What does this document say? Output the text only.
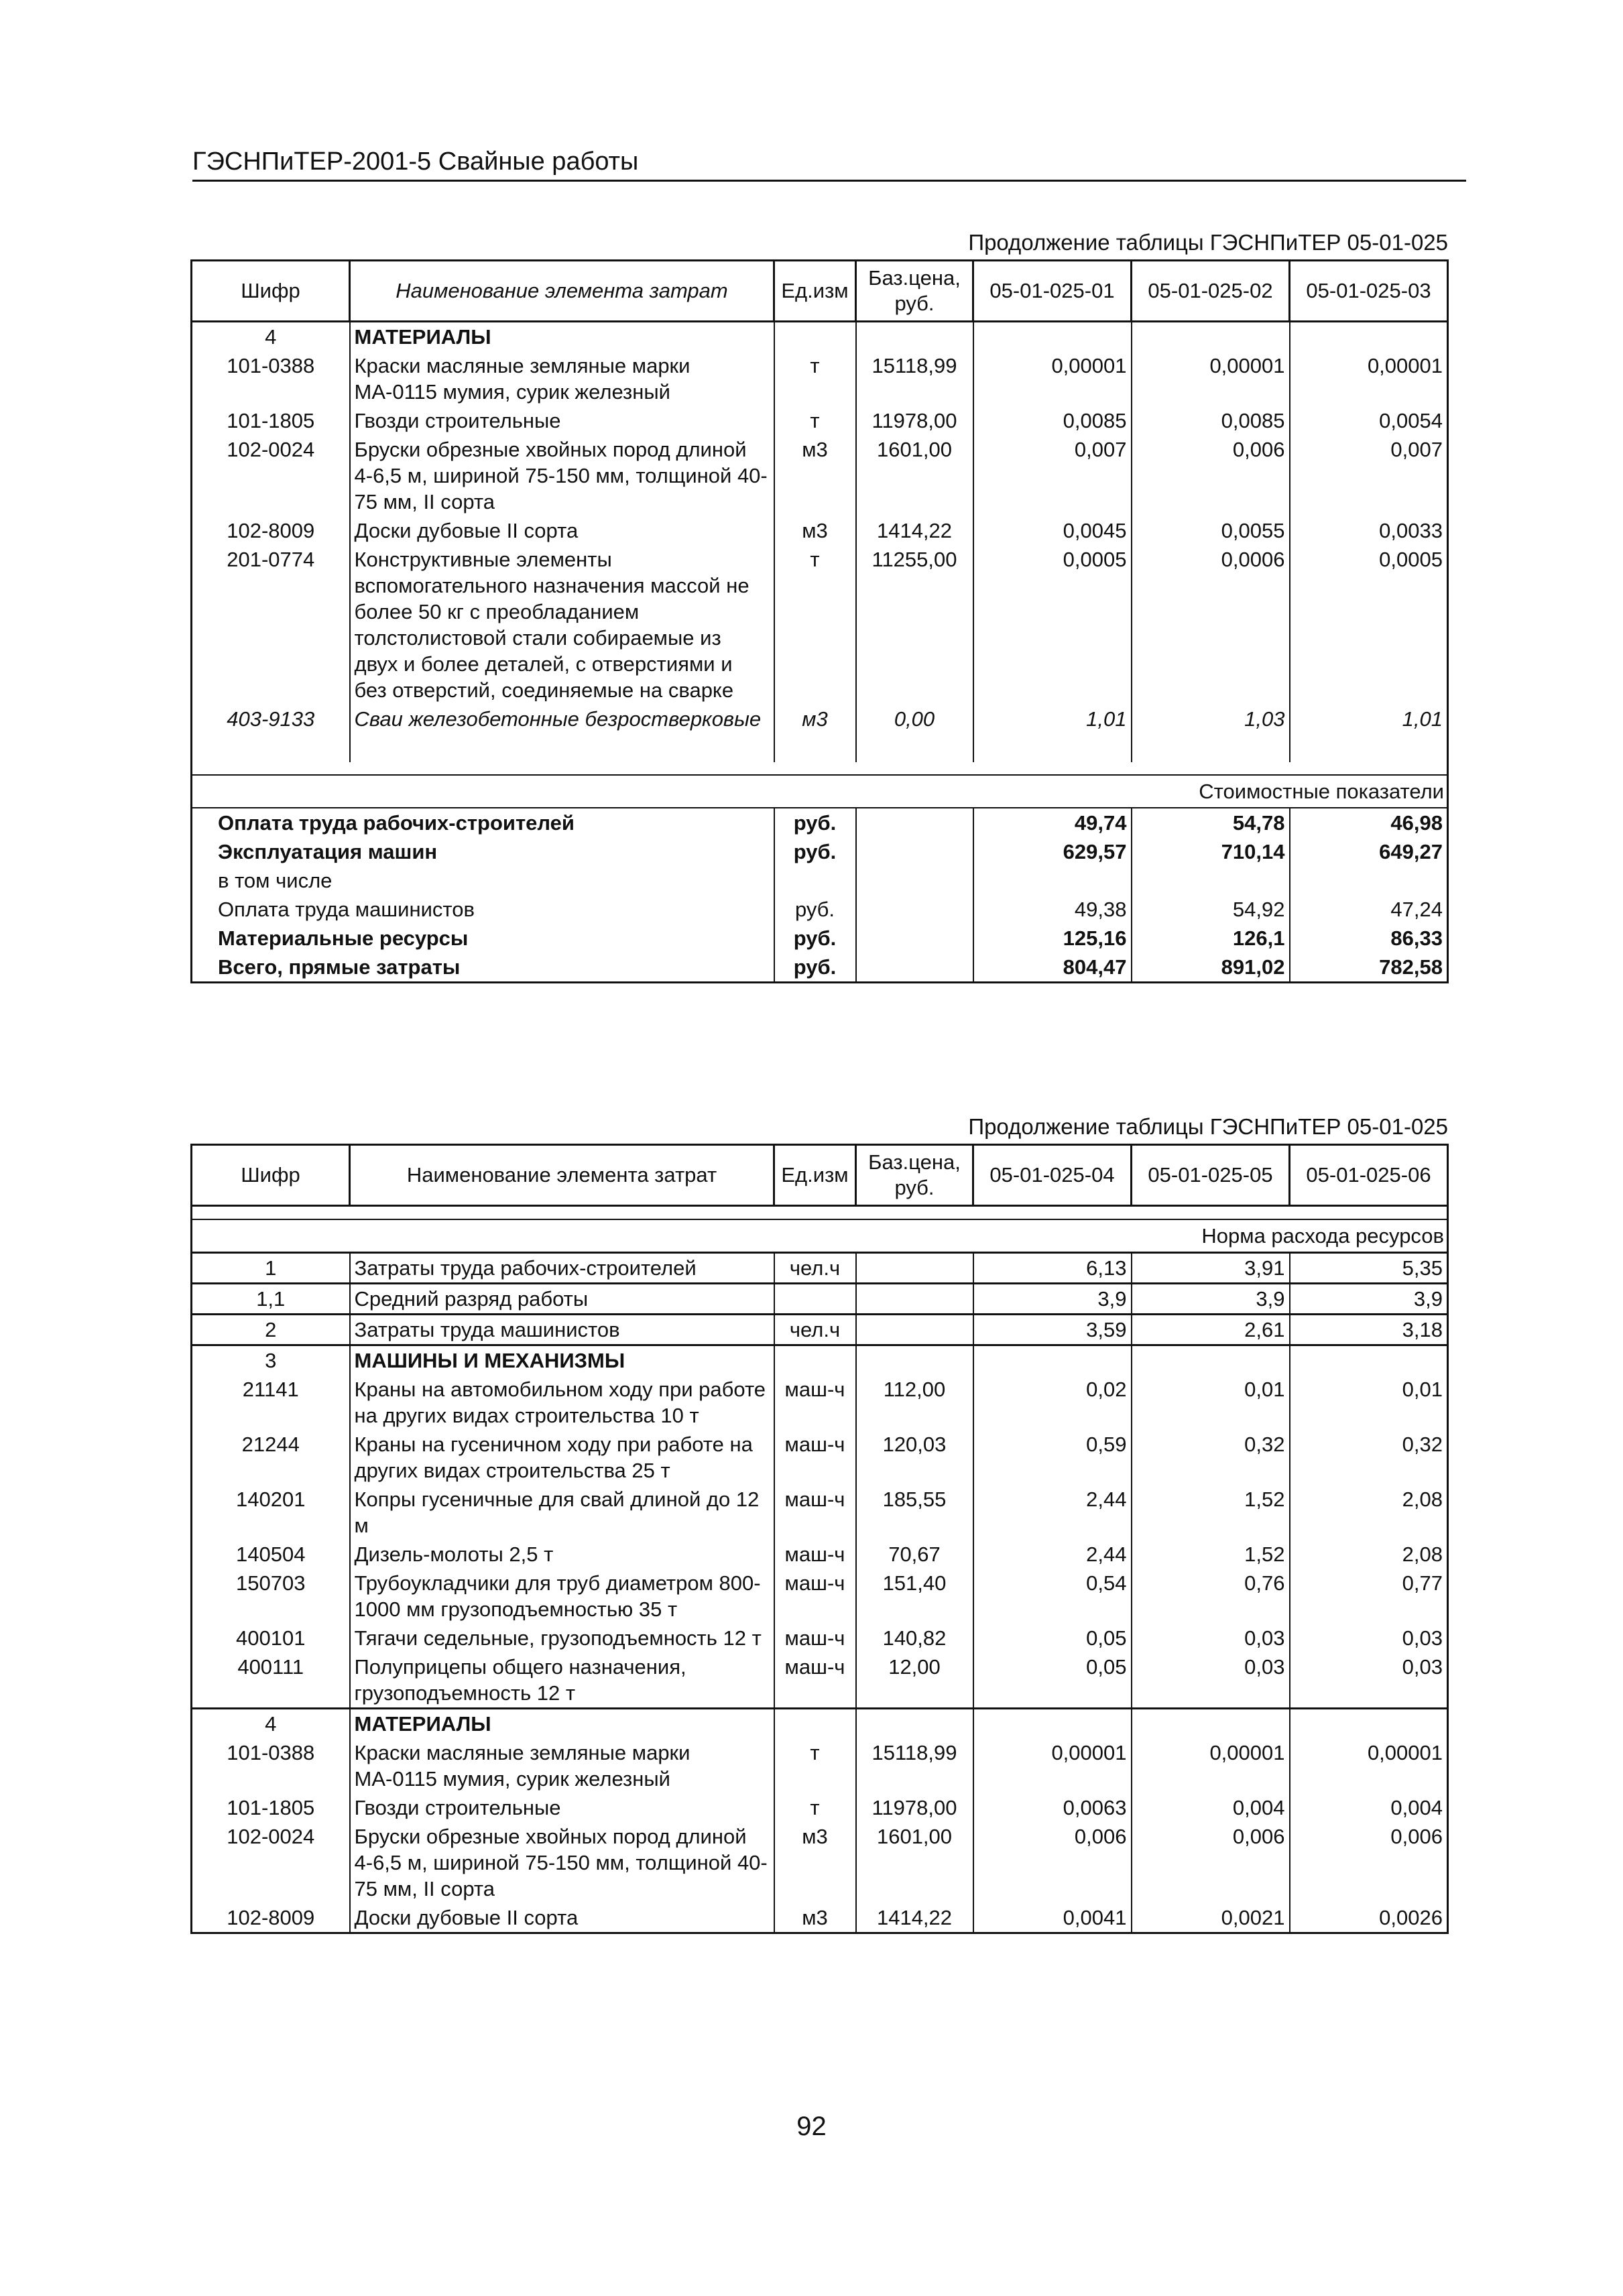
ГЭСНПиТЕР-2001-5 Свайные работы
Продолжение таблицы ГЭСНПиТЕР 05-01-025
Шифр	Наименование элемента затрат	Ед.изм	Баз.цена, руб.	05-01-025-01	05-01-025-02	05-01-025-03
4	МАТЕРИАЛЫ					
101-0388	Краски масляные земляные марки МА-0115 мумия, сурик железный	т	15118,99	0,00001	0,00001	0,00001
101-1805	Гвозди строительные	т	11978,00	0,0085	0,0085	0,0054
102-0024	Бруски обрезные хвойных пород длиной 4-6,5 м, шириной 75-150 мм, толщиной 40-75 мм, II сорта	м3	1601,00	0,007	0,006	0,007
102-8009	Доски дубовые II сорта	м3	1414,22	0,0045	0,0055	0,0033
201-0774	Конструктивные элементы вспомогательного назначения массой не более 50 кг с преобладанием толстолистовой стали собираемые из двух и более деталей, с отверстиями и без отверстий, соединяемые на сварке	т	11255,00	0,0005	0,0006	0,0005
403-9133	Сваи железобетонные безростверковые	м3	0,00	1,01	1,03	1,01

Стоимостные показатели						
Оплата труда рабочих-строителей		руб.		49,74	54,78	46,98
Эксплуатация машин		руб.		629,57	710,14	649,27
в том числе						
Оплата труда машинистов		руб.		49,38	54,92	47,24
Материальные ресурсы		руб.		125,16	126,1	86,33
Всего, прямые затраты		руб.		804,47	891,02	782,58
Продолжение таблицы ГЭСНПиТЕР 05-01-025
Шифр	Наименование элемента затрат	Ед.изм	Баз.цена, руб.	05-01-025-04	05-01-025-05	05-01-025-06

Норма расхода ресурсов						
1	Затраты труда рабочих-строителей	чел.ч		6,13	3,91	5,35
1,1	Средний разряд работы			3,9	3,9	3,9
2	Затраты труда машинистов	чел.ч		3,59	2,61	3,18
3	МАШИНЫ И МЕХАНИЗМЫ					
21141	Краны на автомобильном ходу при работе на других видах строительства 10 т	маш-ч	112,00	0,02	0,01	0,01
21244	Краны на гусеничном ходу при работе на других видах строительства 25 т	маш-ч	120,03	0,59	0,32	0,32
140201	Копры гусеничные для свай длиной до 12 м	маш-ч	185,55	2,44	1,52	2,08
140504	Дизель-молоты 2,5 т	маш-ч	70,67	2,44	1,52	2,08
150703	Трубоукладчики для труб диаметром 800-1000 мм грузоподъемностью 35 т	маш-ч	151,40	0,54	0,76	0,77
400101	Тягачи седельные, грузоподъемность 12 т	маш-ч	140,82	0,05	0,03	0,03
400111	Полуприцепы общего назначения, грузоподъемность 12 т	маш-ч	12,00	0,05	0,03	0,03
4	МАТЕРИАЛЫ					
101-0388	Краски масляные земляные марки МА-0115 мумия, сурик железный	т	15118,99	0,00001	0,00001	0,00001
101-1805	Гвозди строительные	т	11978,00	0,0063	0,004	0,004
102-0024	Бруски обрезные хвойных пород длиной 4-6,5 м, шириной 75-150 мм, толщиной 40-75 мм, II сорта	м3	1601,00	0,006	0,006	0,006
102-8009	Доски дубовые II сорта	м3	1414,22	0,0041	0,0021	0,0026
92
